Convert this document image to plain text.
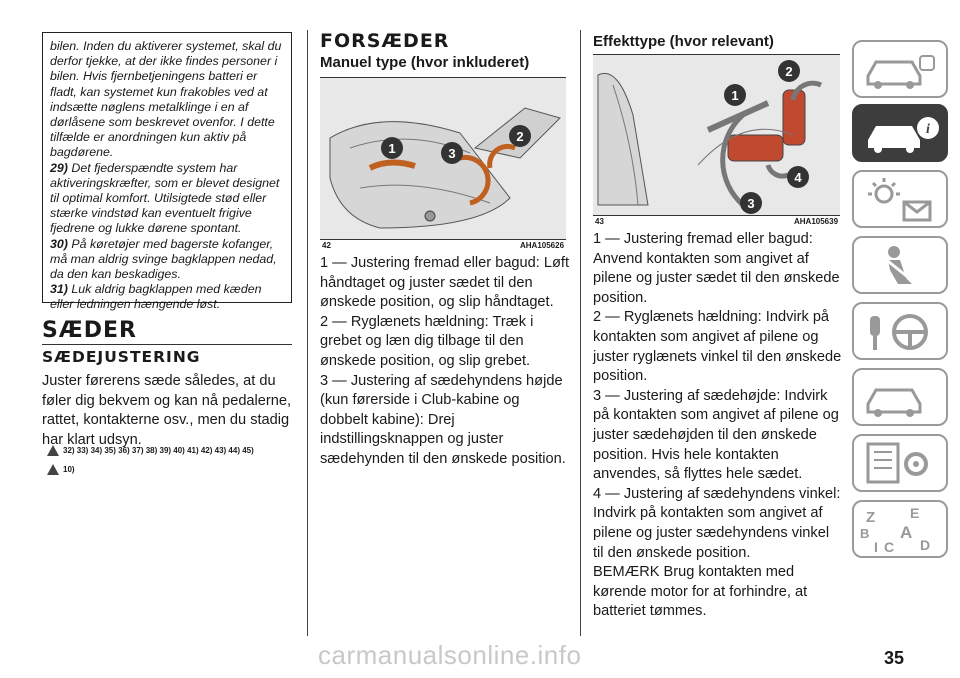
bilen. Inden du aktiverer systemet, skal du derfor tjekke, at der ikke findes personer i bilen. Hvis fjernbetjeningens batteri er fladt, kan systemet kun frakobles ved at indsætte nøglens metalklinge i en af dørlåsene som beskrevet ovenfor. I dette tilfælde er anordningen kun aktiv på bagdørene.

29) Det fjederspændte system har aktiveringskræfter, som er blevet designet til optimal komfort. Utilsigtede stød eller stærke vindstød kan eventuelt frigive fjedrene og lukke dørene spontant.

30) På køretøjer med bagerste kofanger, må man aldrig svinge bagklappen nedad, da den kan beskadiges.

31) Luk aldrig bagklappen med kæden eller ledningen hængende løst.

SÆDER
SÆDEJUSTERING
Juster førerens sæde således, at du føler dig bekvem og kan nå pedalerne, rattet, kontakterne osv., men du stadig har klart udsyn.
32) 33) 34) 35) 36) 37) 38) 39) 40) 41) 42) 43) 44) 45)
10)
FORSÆDER
Manuel type (hvor inkluderet)
1
2
3
42	AHA105626

1 — Justering fremad eller bagud: Løft håndtaget og juster sædet til den ønskede position, og slip håndtaget.

2 — Ryglænets hældning: Træk i grebet og læn dig tilbage til den ønskede position, og slip grebet.

3 — Justering af sædehyndens højde (kun førerside i Club-kabine og dobbelt kabine): Drej indstillingsknappen og juster sædehynden til den ønskede position.

Effekttype (hvor relevant)
1
2
3
4
43	AHA105639

1 — Justering fremad eller bagud: Anvend kontakten som angivet af pilene og juster sædet til den ønskede position.

2 — Ryglænets hældning: Indvirk på kontakten som angivet af pilene og juster ryglænets vinkel til den ønskede position.

3 — Justering af sædehøjde: Indvirk på kontakten som angivet af pilene og juster sædehøjden til den ønskede position. Hvis hele kontakten anvendes, så flyttes hele sædet.

4 — Justering af sædehyndens vinkel: Indvirk på kontakten som angivet af pilene og juster sædehyndens vinkel til den ønskede position.

BEMÆRK Brug kontakten med kørende motor for at forhindre, at batteriet tømmes.

i
Z E
B A
C D
I
35
carmanualsonline.info
